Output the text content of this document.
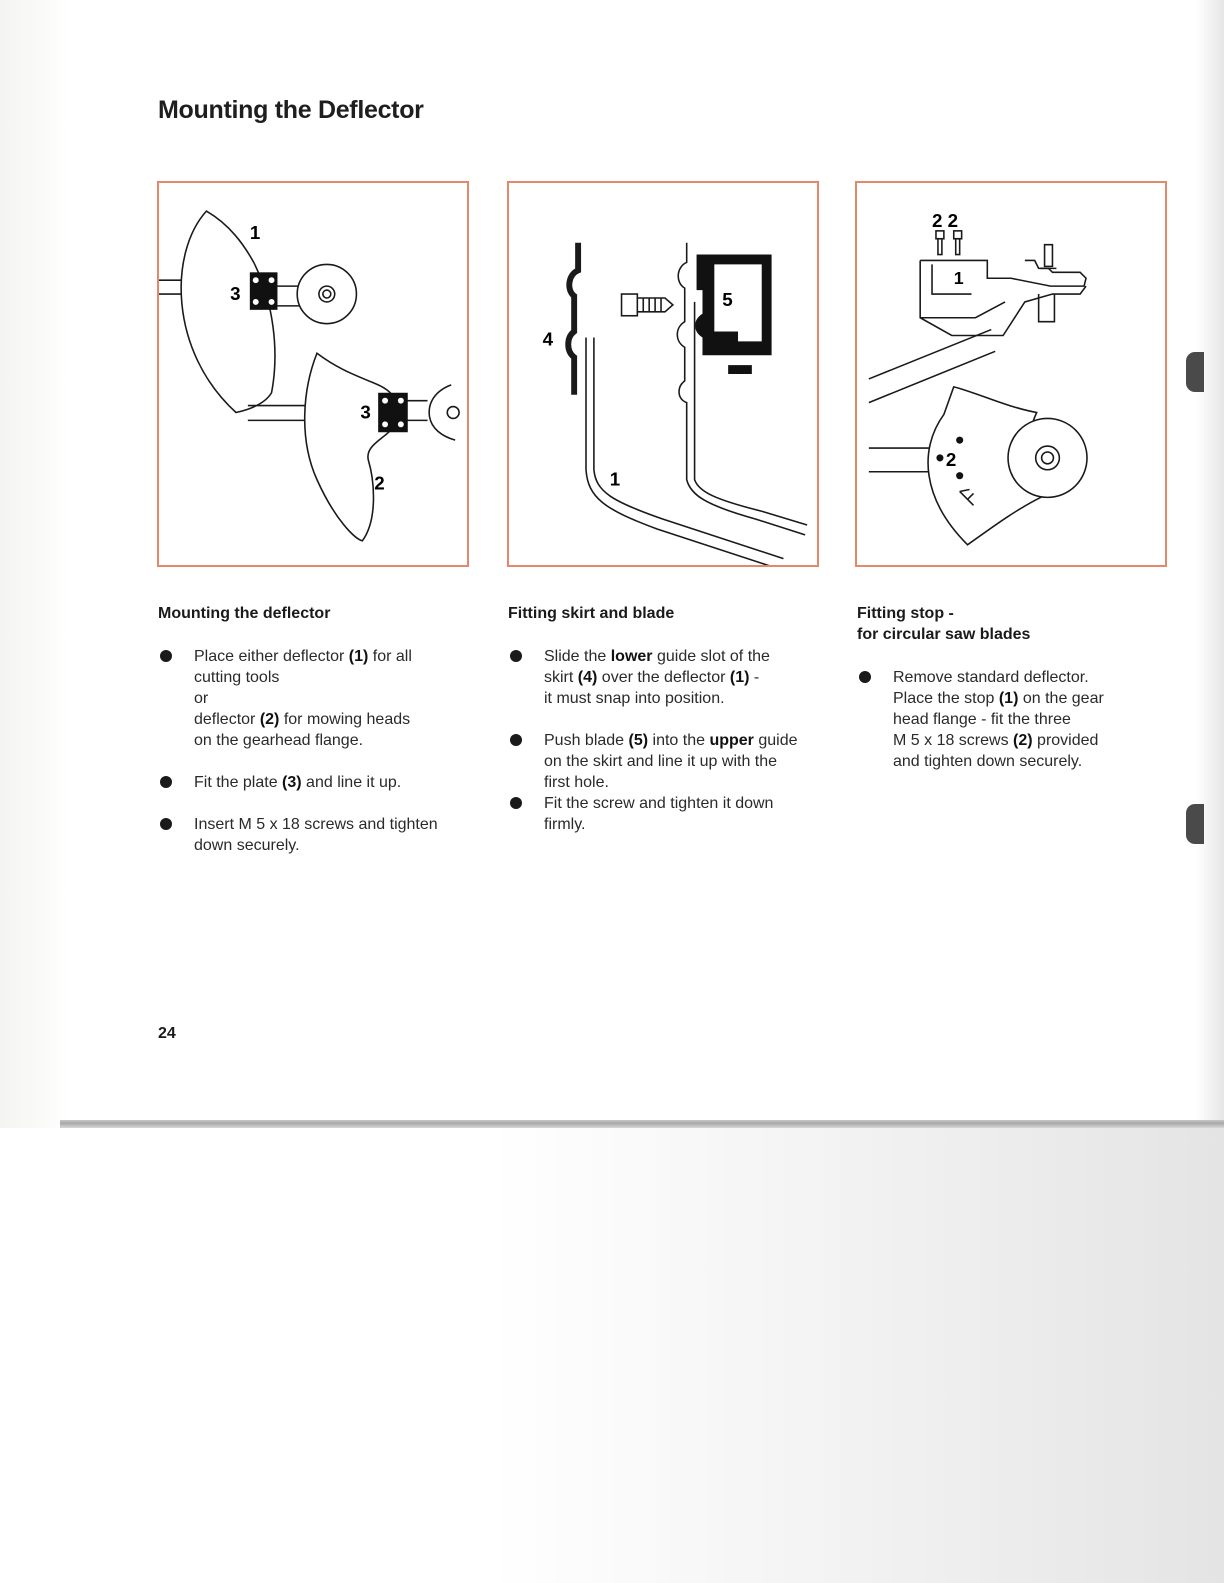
Mounting the Deflector
1
3
3
2
5
4
1
2 2
1
2
Mounting the deflector

Place either deflector (1) for all

cutting tools

or

deflector (2) for mowing heads

on the gearhead flange.

Fit the plate (3) and line it up.

Insert M 5 x 18 screws and tighten

down securely.

Fitting skirt and blade

Slide the lower guide slot of the

skirt (4) over the deflector (1) -

it must snap into position.

Push blade (5) into the upper guide

on the skirt and line it up with the

first hole.

Fit the screw and tighten it down

firmly.

Fitting stop -
for circular saw blades

Remove standard deflector.

Place the stop (1) on the gear

head flange - fit the three

M 5 x 18 screws (2) provided

and tighten down securely.

24
